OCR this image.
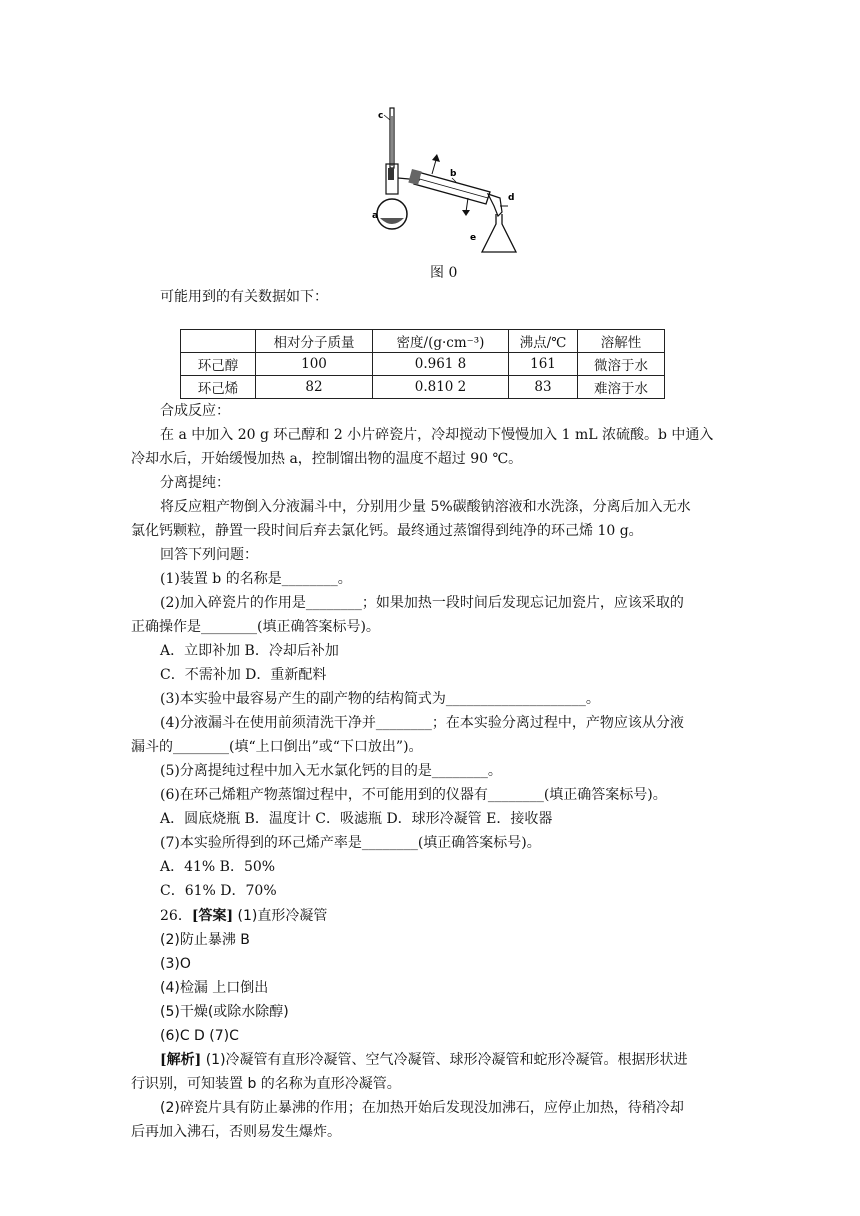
c
a
b
d
e
图 0
可能用到的有关数据如下：
	相对分子质量	密度/(g·cm⁻³)	沸点/℃	溶解性
环己醇	100	0.961 8	161	微溶于水
环己烯	82	0.810 2	83	难溶于水
合成反应：
在 a 中加入 20 g 环己醇和 2 小片碎瓷片，冷却搅动下慢慢加入 1 mL 浓硫酸。b 中通入
冷却水后，开始缓慢加热 a，控制馏出物的温度不超过 90 ℃。
分离提纯：
将反应粗产物倒入分液漏斗中，分别用少量 5%碳酸钠溶液和水洗涤，分离后加入无水
氯化钙颗粒，静置一段时间后弃去氯化钙。最终通过蒸馏得到纯净的环己烯 10 g。
回答下列问题：
(1)装置 b 的名称是________。
(2)加入碎瓷片的作用是________；如果加热一段时间后发现忘记加瓷片，应该采取的
正确操作是________(填正确答案标号)。
A．立即补加 B．冷却后补加
C．不需补加 D．重新配料
(3)本实验中最容易产生的副产物的结构简式为____________________。
(4)分液漏斗在使用前须清洗干净并________；在本实验分离过程中，产物应该从分液
漏斗的________(填“上口倒出”或“下口放出”)。
(5)分离提纯过程中加入无水氯化钙的目的是________。
(6)在环己烯粗产物蒸馏过程中，不可能用到的仪器有________(填正确答案标号)。
A．圆底烧瓶 B．温度计 C．吸滤瓶 D．球形冷凝管 E．接收器
(7)本实验所得到的环己烯产率是________(填正确答案标号)。
A．41% B．50%
C．61% D．70%
26．[答案] (1)直形冷凝管
(2)防止暴沸 B
(3)O
(4)检漏 上口倒出
(5)干燥(或除水除醇)
(6)C D (7)C
[解析] (1)冷凝管有直形冷凝管、空气冷凝管、球形冷凝管和蛇形冷凝管。根据形状进
行识别，可知装置 b 的名称为直形冷凝管。
(2)碎瓷片具有防止暴沸的作用；在加热开始后发现没加沸石，应停止加热，待稍冷却
后再加入沸石，否则易发生爆炸。
